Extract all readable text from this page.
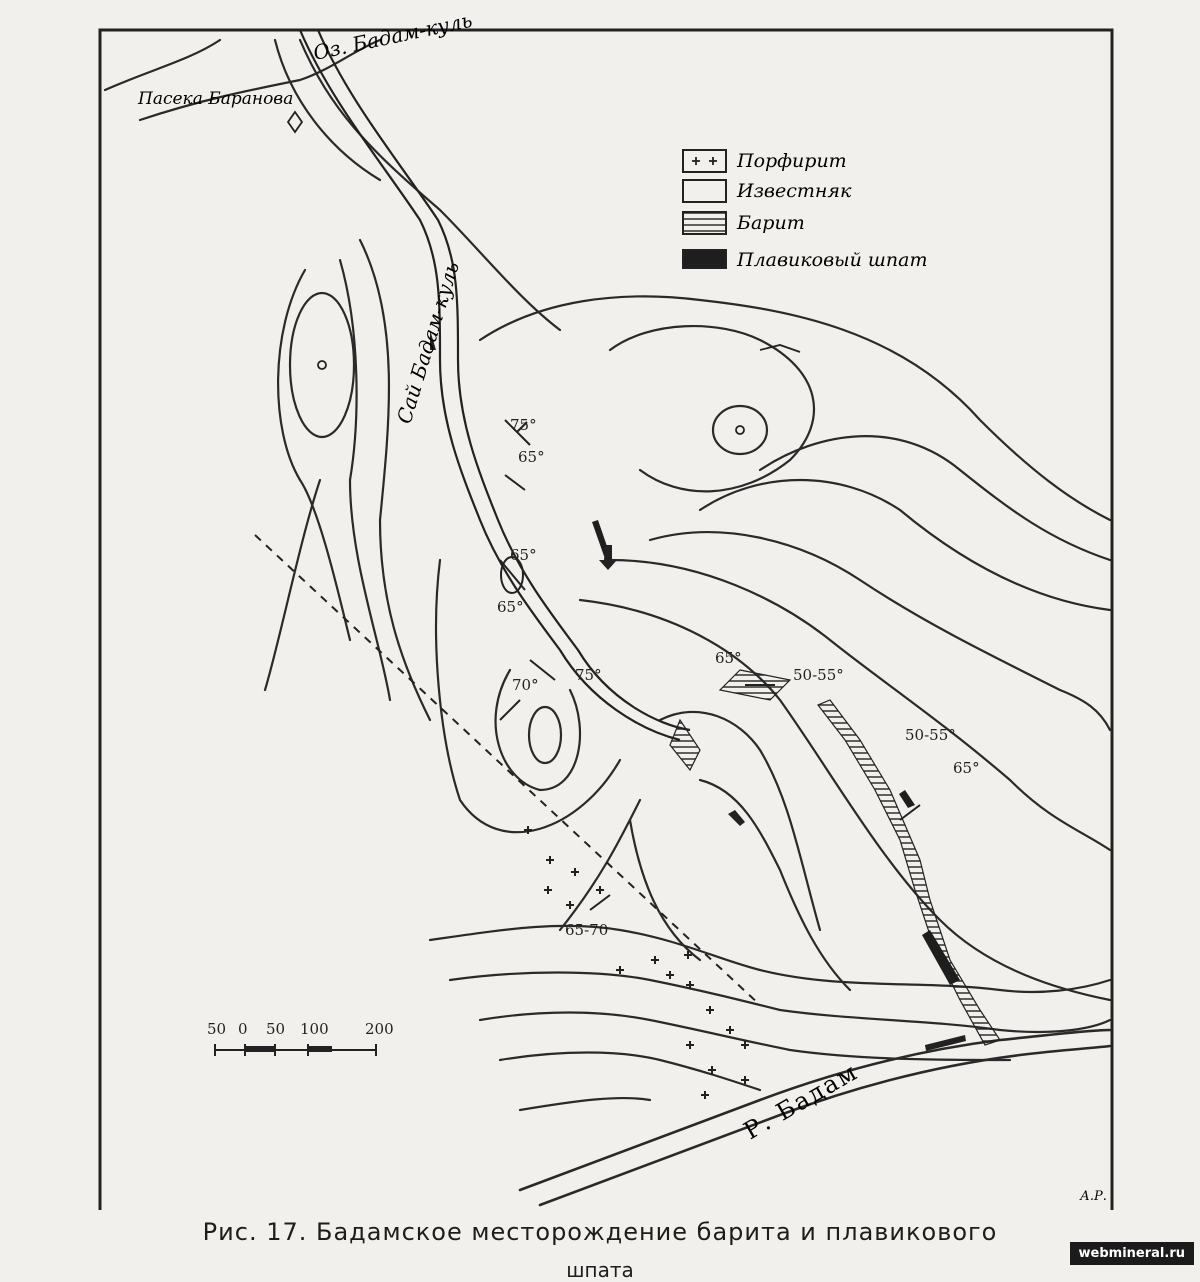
Оз. Бадам-куль
Пасека Баранова
Сай Бадам-куль
Р. Бадам
А.Р.
75°
65°
65°
65°
70°
75°
65°
50-55°
50-55°
65°
65-70
Порфирит
Известняк
Барит
Плавиковый шпат
50 0 50 100 200
Рис. 17. Бадамское месторождение барита и плавикового
шпата
webmineral.ru
